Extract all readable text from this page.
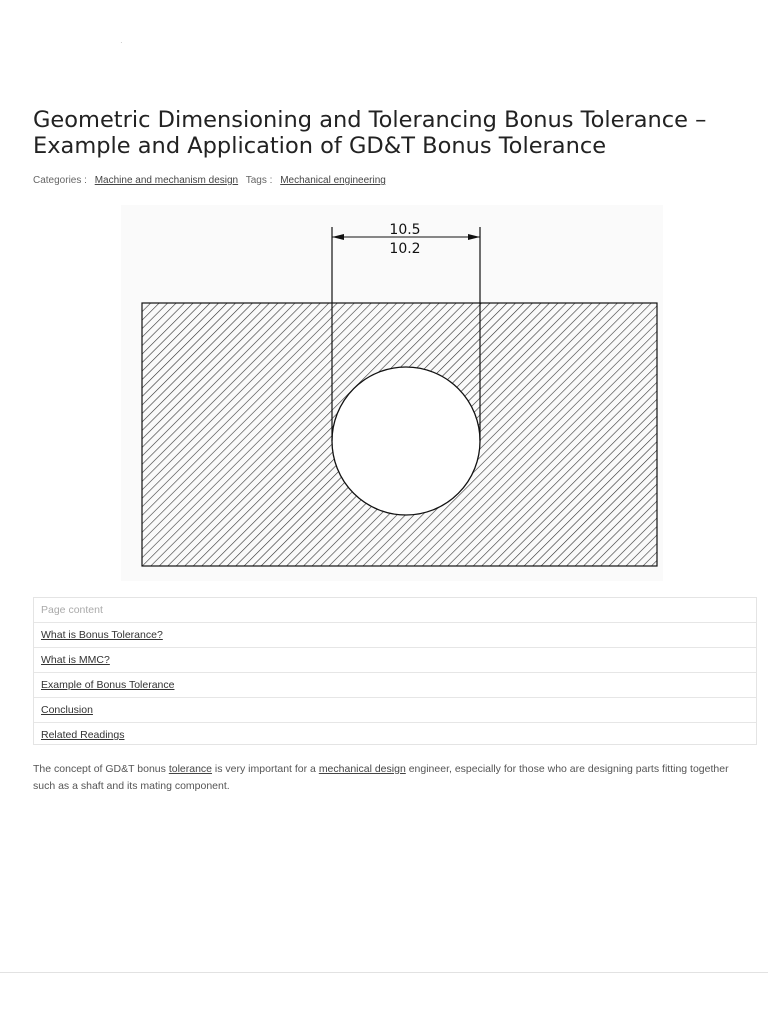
·
Geometric Dimensioning and Tolerancing Bonus Tolerance – Example and Application of GD&T Bonus Tolerance
Categories : Machine and mechanism design Tags : Mechanical engineering
10.5
10.2
Page content
What is Bonus Tolerance?
What is MMC?
Example of Bonus Tolerance
Conclusion
Related Readings

The concept of GD&T bonus tolerance is very important for a mechanical design engineer, especially for those who are designing parts fitting together such as a shaft and its mating component.
